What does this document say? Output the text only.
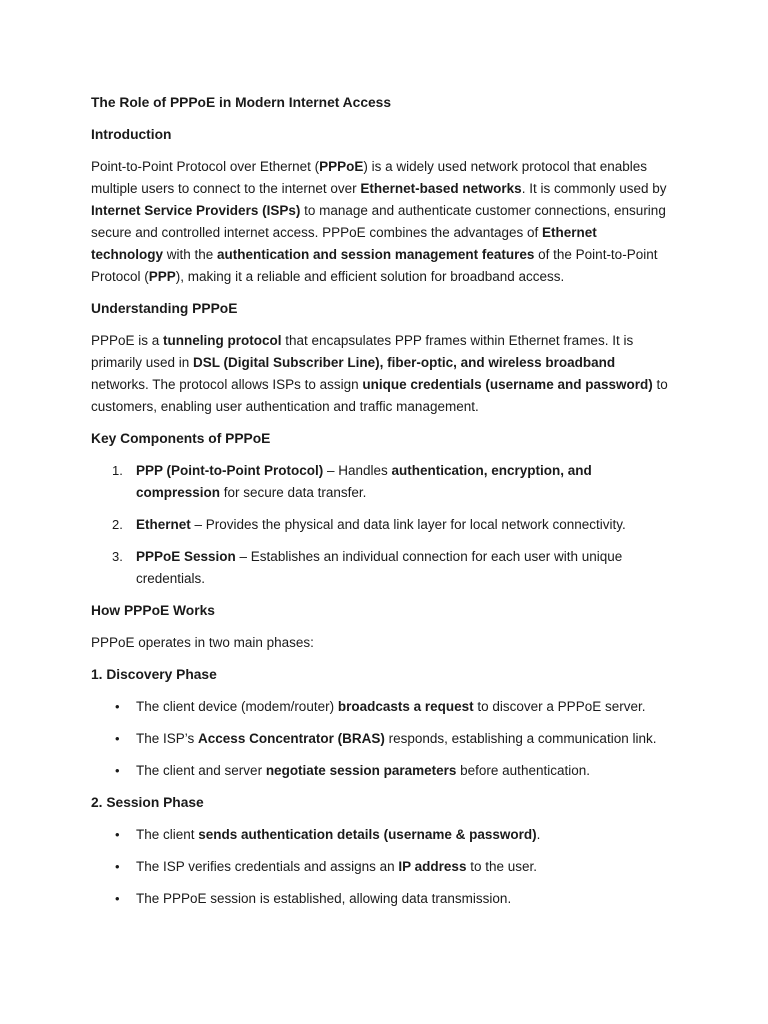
The Role of PPPoE in Modern Internet Access
Introduction

Point-to-Point Protocol over Ethernet (PPPoE) is a widely used network protocol that enables multiple users to connect to the internet over Ethernet-based networks. It is commonly used by Internet Service Providers (ISPs) to manage and authenticate customer connections, ensuring secure and controlled internet access. PPPoE combines the advantages of Ethernet technology with the authentication and session management features of the Point-to-Point Protocol (PPP), making it a reliable and efficient solution for broadband access.

Understanding PPPoE

PPPoE is a tunneling protocol that encapsulates PPP frames within Ethernet frames. It is primarily used in DSL (Digital Subscriber Line), fiber-optic, and wireless broadband networks. The protocol allows ISPs to assign unique credentials (username and password) to customers, enabling user authentication and traffic management.

Key Components of PPPoE
1. PPP (Point-to-Point Protocol) – Handles authentication, encryption, and compression for secure data transfer.
2. Ethernet – Provides the physical and data link layer for local network connectivity.
3. PPPoE Session – Establishes an individual connection for each user with unique credentials.
How PPPoE Works

PPPoE operates in two main phases:

1. Discovery Phase
• The client device (modem/router) broadcasts a request to discover a PPPoE server.
• The ISP’s Access Concentrator (BRAS) responds, establishing a communication link.
• The client and server negotiate session parameters before authentication.
2. Session Phase
• The client sends authentication details (username & password).
• The ISP verifies credentials and assigns an IP address to the user.
• The PPPoE session is established, allowing data transmission.
